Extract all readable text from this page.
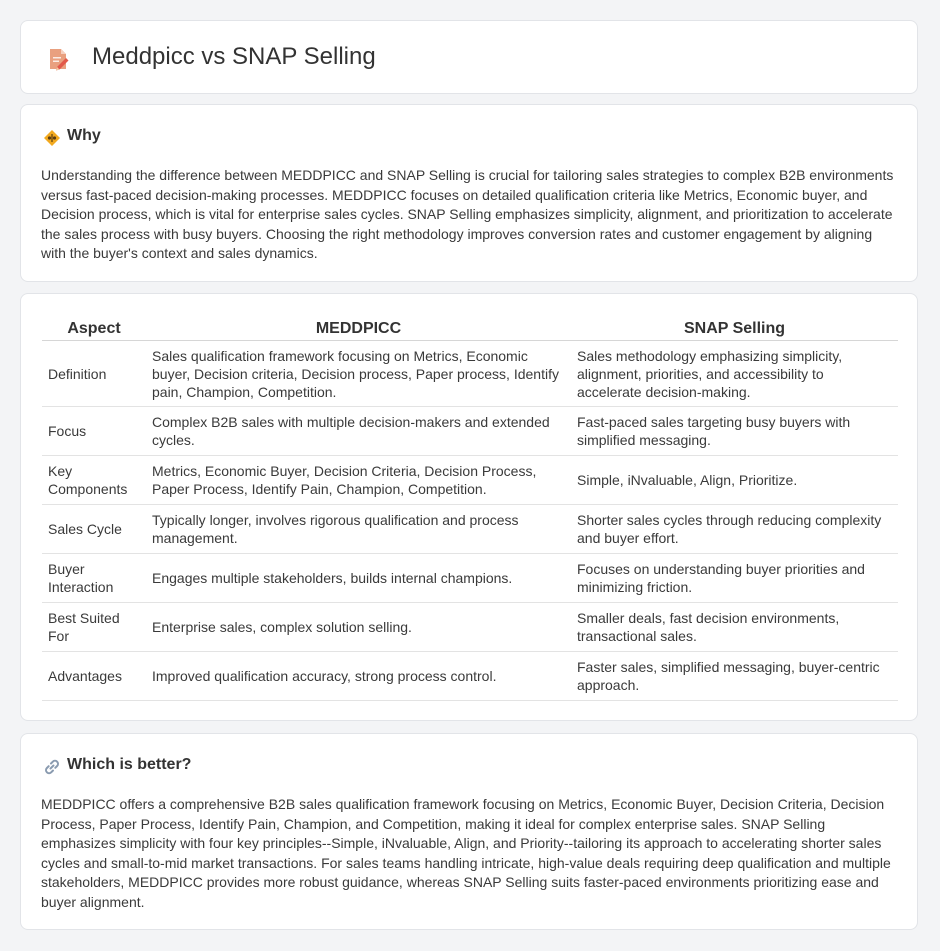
Meddpicc vs SNAP Selling
Why

Understanding the difference between MEDDPICC and SNAP Selling is crucial for tailoring sales strategies to complex B2B environments versus fast-paced decision-making processes. MEDDPICC focuses on detailed qualification criteria like Metrics, Economic buyer, and Decision process, which is vital for enterprise sales cycles. SNAP Selling emphasizes simplicity, alignment, and prioritization to accelerate the sales process with busy buyers. Choosing the right methodology improves conversion rates and customer engagement by aligning with the buyer's context and sales dynamics.

Aspect	MEDDPICC	SNAP Selling
Definition	Sales qualification framework focusing on Metrics, Economic buyer, Decision criteria, Decision process, Paper process, Identify pain, Champion, Competition.	Sales methodology emphasizing simplicity, alignment, priorities, and accessibility to accelerate decision-making.
Focus	Complex B2B sales with multiple decision-makers and extended cycles.	Fast-paced sales targeting busy buyers with simplified messaging.
Key Components	Metrics, Economic Buyer, Decision Criteria, Decision Process, Paper Process, Identify Pain, Champion, Competition.	Simple, iNvaluable, Align, Prioritize.
Sales Cycle	Typically longer, involves rigorous qualification and process management.	Shorter sales cycles through reducing complexity and buyer effort.
Buyer Interaction	Engages multiple stakeholders, builds internal champions.	Focuses on understanding buyer priorities and minimizing friction.
Best Suited For	Enterprise sales, complex solution selling.	Smaller deals, fast decision environments, transactional sales.
Advantages	Improved qualification accuracy, strong process control.	Faster sales, simplified messaging, buyer-centric approach.
Which is better?

MEDDPICC offers a comprehensive B2B sales qualification framework focusing on Metrics, Economic Buyer, Decision Criteria, Decision Process, Paper Process, Identify Pain, Champion, and Competition, making it ideal for complex enterprise sales. SNAP Selling emphasizes simplicity with four key principles--Simple, iNvaluable, Align, and Priority--tailoring its approach to accelerating shorter sales cycles and small-to-mid market transactions. For sales teams handling intricate, high-value deals requiring deep qualification and multiple stakeholders, MEDDPICC provides more robust guidance, whereas SNAP Selling suits faster-paced environments prioritizing ease and buyer alignment.
